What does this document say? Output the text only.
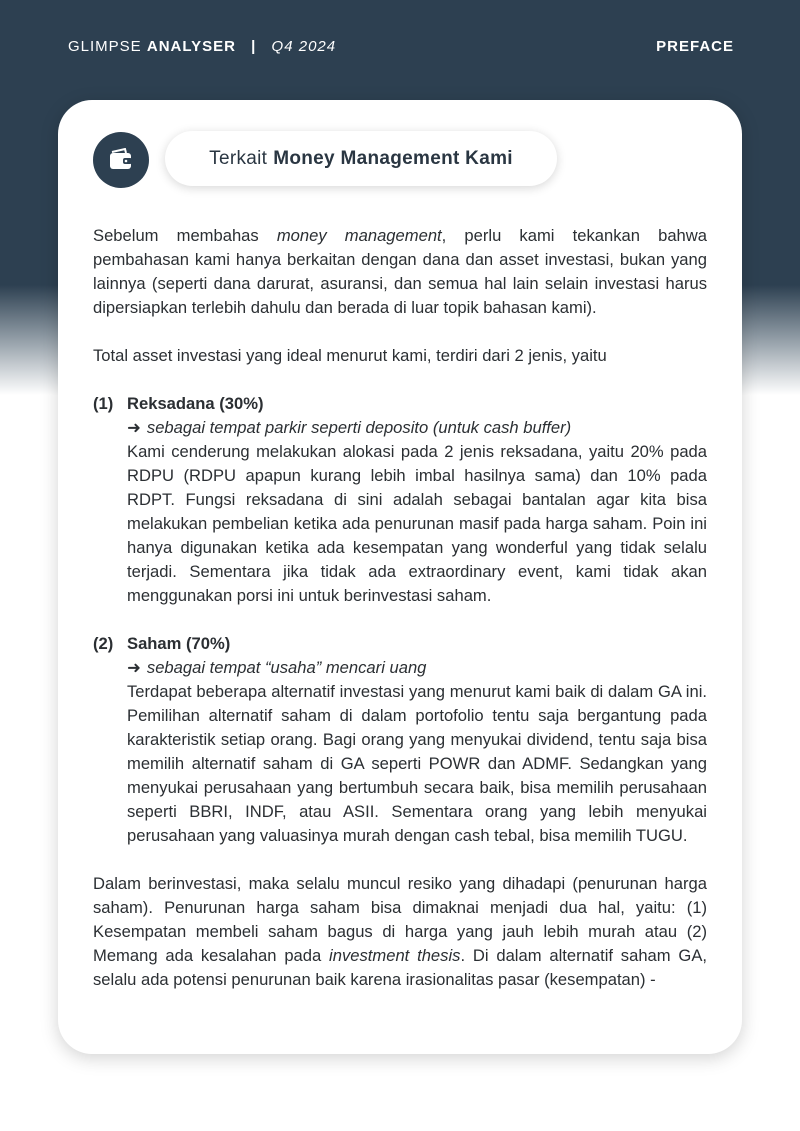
GLIMPSE ANALYSER | Q4 2024	PREFACE
Terkait Money Management Kami

Sebelum membahas money management, perlu kami tekankan bahwa pembahasan kami hanya berkaitan dengan dana dan asset investasi, bukan yang lainnya (seperti dana darurat, asuransi, dan semua hal lain selain investasi harus dipersiapkan terlebih dahulu dan berada di luar topik bahasan kami).

Total asset investasi yang ideal menurut kami, terdiri dari 2 jenis, yaitu

(1) Reksadana (30%)
➜ sebagai tempat parkir seperti deposito (untuk cash buffer)

Kami cenderung melakukan alokasi pada 2 jenis reksadana, yaitu 20% pada RDPU (RDPU apapun kurang lebih imbal hasilnya sama) dan 10% pada RDPT. Fungsi reksadana di sini adalah sebagai bantalan agar kita bisa melakukan pembelian ketika ada penurunan masif pada harga saham. Poin ini hanya digunakan ketika ada kesempatan yang wonderful yang tidak selalu terjadi. Sementara jika tidak ada extraordinary event, kami tidak akan menggunakan porsi ini untuk berinvestasi saham.

(2) Saham (70%)
➜ sebagai tempat “usaha” mencari uang

Terdapat beberapa alternatif investasi yang menurut kami baik di dalam GA ini. Pemilihan alternatif saham di dalam portofolio tentu saja bergantung pada karakteristik setiap orang. Bagi orang yang menyukai dividend, tentu saja bisa memilih alternatif saham di GA seperti POWR dan ADMF. Sedangkan yang menyukai perusahaan yang bertumbuh secara baik, bisa memilih perusahaan seperti BBRI, INDF, atau ASII. Sementara orang yang lebih menyukai perusahaan yang valuasinya murah dengan cash tebal, bisa memilih TUGU.

Dalam berinvestasi, maka selalu muncul resiko yang dihadapi (penurunan harga saham). Penurunan harga saham bisa dimaknai menjadi dua hal, yaitu: (1) Kesempatan membeli saham bagus di harga yang jauh lebih murah atau (2) Memang ada kesalahan pada investment thesis. Di dalam alternatif saham GA, selalu ada potensi penurunan baik karena irasionalitas pasar (kesempatan) -
